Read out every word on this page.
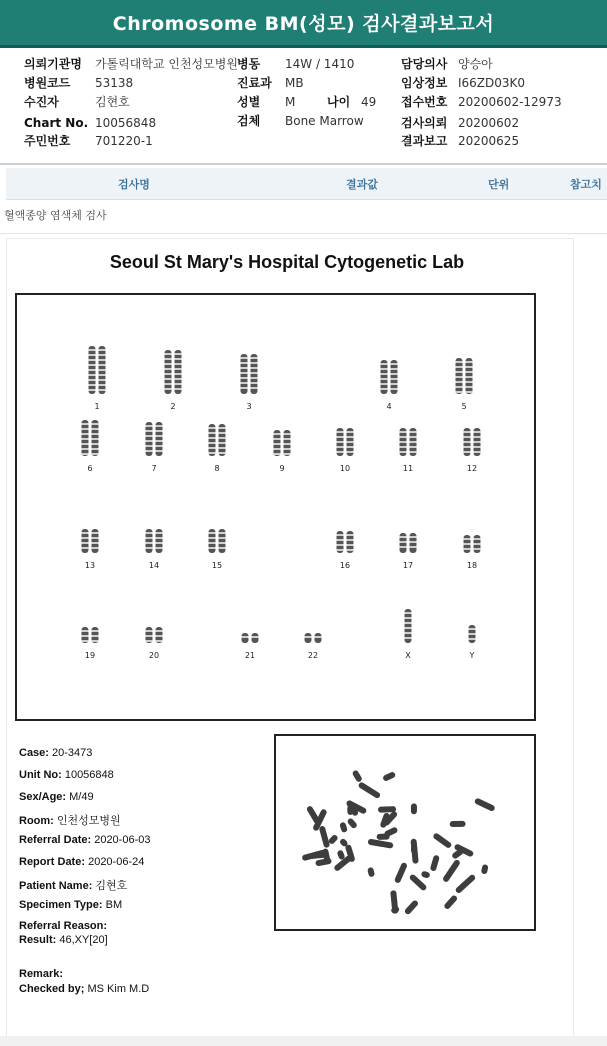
Chromosome BM(성모) 검사결과보고서
의뢰기관명 가톨릭대학교 인천성모병원
병원코드 53138
수진자	김현호
Chart No. 10056848
주민번호 701220-1
병동 14W / 1410
진료과 MB
성별 M	나이 49
검체 Bone Marrow
담당의사 양승아
임상정보 I66ZD03K0
접수번호 20200602-12973
검사의뢰 20200602
결과보고 20200625
검사명	결과값	단위	참고치
혈액종양 염색체 검사
Seoul St Mary's Hospital Cytogenetic Lab
1	2	3	4	5
6	7	8	9	10	11	12
13	14	15	16	17	18
19	20	21	22	X	Y
Case: 20-3473
Unit No: 10056848
Sex/Age: M/49
Room: 인천성모병원
Referral Date: 2020-06-03
Report Date: 2020-06-24
Patient Name: 김현호
Specimen Type: BM
Referral Reason:
Result: 46,XY[20]
Remark:
Checked by; MS Kim M.D
